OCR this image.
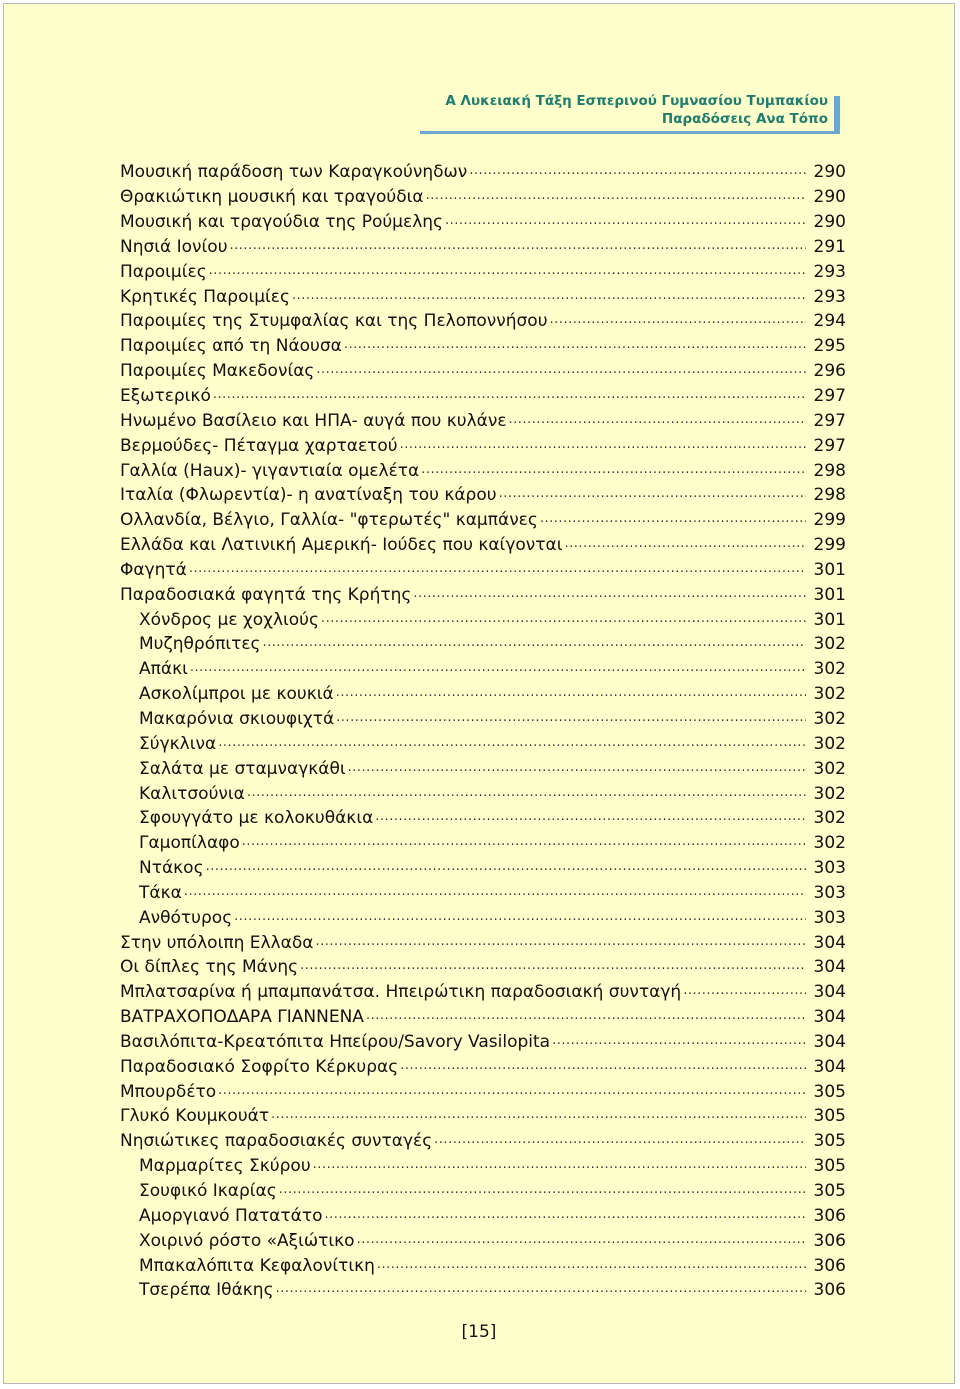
Α Λυκειακή Τάξη Εσπερινού Γυμνασίου Τυμπακίου
Παραδόσεις Ανα Τόπο
Μουσική παράδοση των Καραγκούνηδων .....	290
Θρακιώτικη μουσική και τραγούδια .....	290
Μουσική και τραγούδια της Ρούμελης .....	290
Νησιά Ιονίου .....	291
Παροιμίες .....	293
Κρητικές Παροιμίες .....	293
Παροιμίες της Στυμφαλίας και της Πελοποννήσου .....	294
Παροιμίες από τη Νάουσα .....	295
Παροιμίες Μακεδονίας .....	296
Εξωτερικό .....	297
Ηνωμένο Βασίλειο και ΗΠΑ- αυγά που κυλάνε .....	297
Βερμούδες- Πέταγμα χαρταετού .....	297
Γαλλία (Haux)- γιγαντιαία ομελέτα .....	298
Ιταλία (Φλωρεντία)- η ανατίναξη του κάρου .....	298
Ολλανδία, Βέλγιο, Γαλλία- "φτερωτές" καμπάνες .....	299
Ελλάδα και Λατινική Αμερική- Ιούδες που καίγονται .....	299
Φαγητά .....	301
Παραδοσιακά φαγητά της Κρήτης .....	301
Χόνδρος με χοχλιούς .....	301
Μυζηθρόπιτες .....	302
Απάκι .....	302
Ασκολίμπροι με κουκιά .....	302
Μακαρόνια σκιουφιχτά .....	302
Σύγκλινα .....	302
Σαλάτα με σταμναγκάθι .....	302
Καλιτσούνια .....	302
Σφουγγάτο με κολοκυθάκια .....	302
Γαμοπίλαφο .....	302
Ντάκος .....	303
Τάκα .....	303
Ανθότυρος .....	303
Στην υπόλοιπη Ελλαδα .....	304
Οι δίπλες της Μάνης .....	304
Μπλατσαρίνα ή μπαμπανάτσα. Ηπειρώτικη παραδοσιακή συνταγή .....	304
ΒΑΤΡΑΧΟΠΟΔΑΡΑ ΓΙΑΝΝΕΝΑ .....	304
Βασιλόπιτα-Κρεατόπιτα Ηπείρου/Savory Vasilopita .....	304
Παραδοσιακό Σοφρίτο Κέρκυρας .....	304
Μπουρδέτο .....	305
Γλυκό Κουμκουάτ .....	305
Νησιώτικες παραδοσιακές συνταγές .....	305
Μαρμαρίτες Σκύρου .....	305
Σουφικό Ικαρίας .....	305
Αμοργιανό Πατατάτο .....	306
Χοιρινό ρόστο «Αξιώτικο .....	306
Μπακαλόπιτα Κεφαλονίτικη .....	306
Τσερέπα Ιθάκης .....	306
[15]
